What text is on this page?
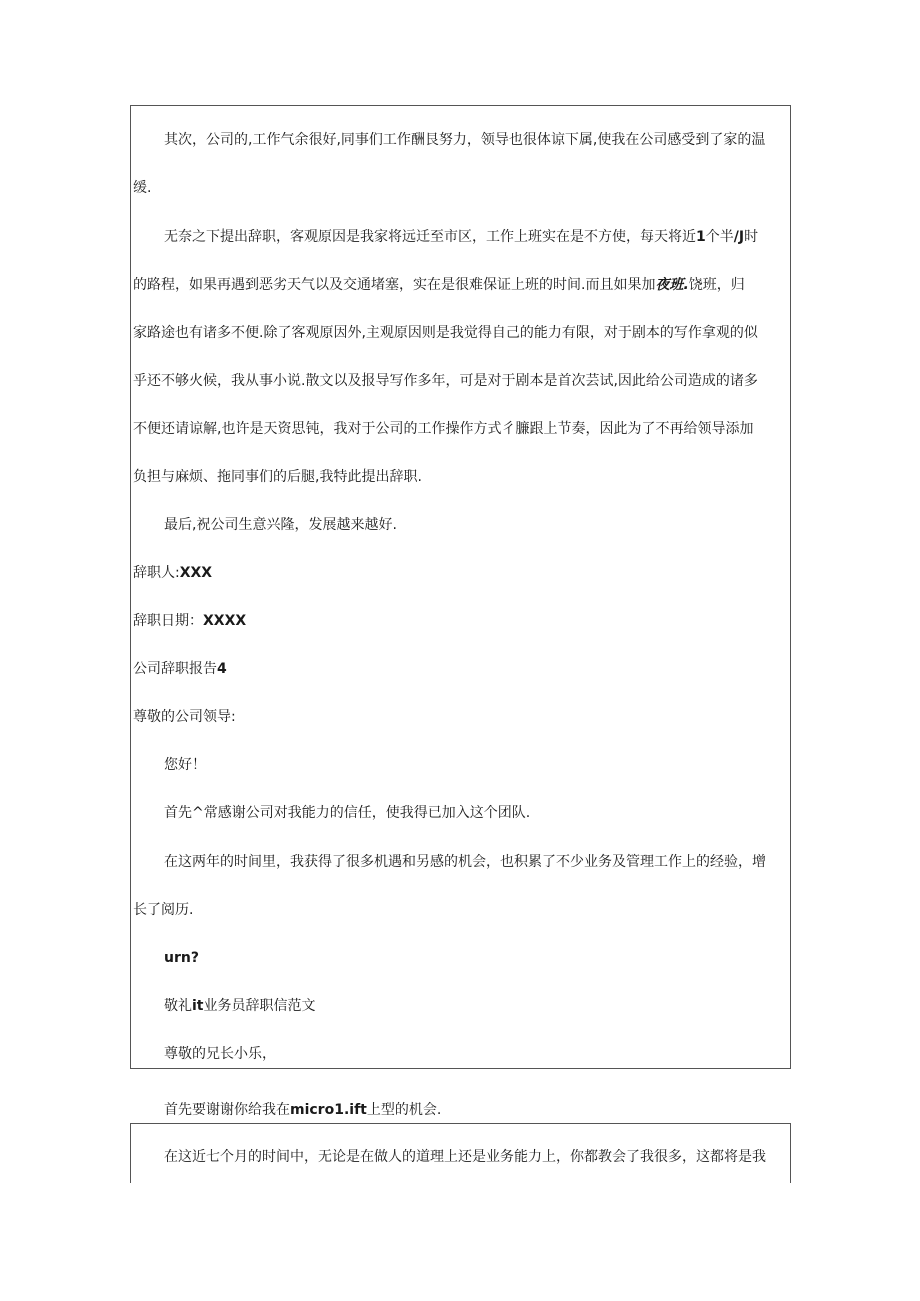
其次，公司的,工作气余很好,同事们工作酬艮努力，领导也很体谅下属,使我在公司感受到了家的温
缓.
无奈之下提出辞职，客观原因是我家将远迁至市区，工作上班实在是不方使，每天将近1个半/J时
的路程，如果再遇到恶劣天气以及交通堵塞，实在是很难保证上班的时间.而且如果加夜班.饶班，归
家路途也有诸多不便.除了客观原因外,主观原因则是我觉得自己的能力有限，对于剧本的写作拿观的似
乎还不够火候，我从事小说.散文以及报导写作多年，可是对于剧本是首次芸试,因此给公司造成的诸多
不便还请谅解,也许是天资思钝，我对于公司的工作操作方式彳臁跟上节奏，因此为了不再给领导添加
负担与麻烦、拖同事们的后腿,我特此提出辞职.
最后,祝公司生意兴隆，发展越来越好.
辞职人:XXX
辞职日期：XXXX
公司辞职报告4
尊敬的公司领导:
您好！
首先^常感谢公司对我能力的信任，使我得已加入这个团队.
在这两年的时间里，我获得了很多机遇和另感的机会，也积累了不少业务及管理工作上的经验，增
长了阅历.
urn?
敬礼it业务员辞职信范文
尊敬的兄长小乐，
首先要谢谢你给我在micro1.ift上型的机会.
在这近七个月的时间中，无论是在做人的道理上还是业务能力上，你都教会了我很多，这都将是我
